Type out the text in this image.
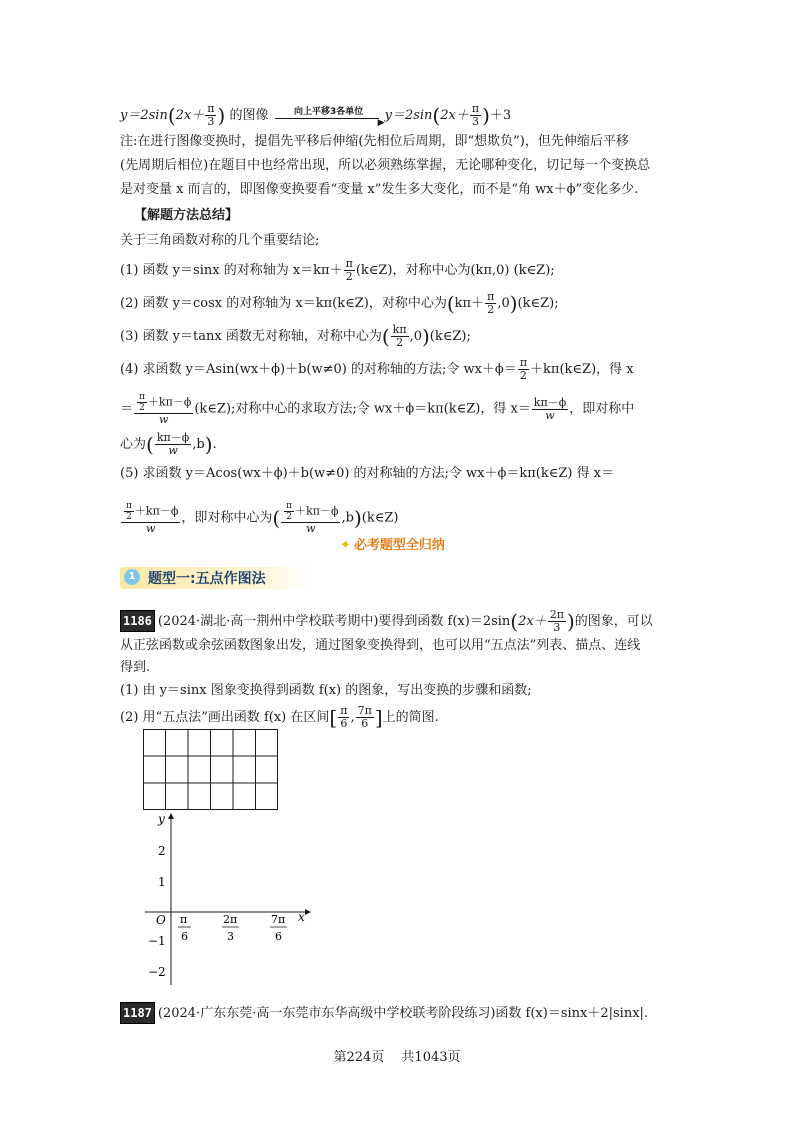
$y=2\sin(2x+ \frac{\pi}{3}$ ) 的图像	向上平移3各单位
▶ $y=2\sin(2x+ \frac{\pi}{3} )+3$
注:在进行图像变换时，提倡先平移后伸缩(先相位后周期，即“想欺负”)，但先伸缩后平移
(先周期后相位)在题目中也经常出现，所以必须熟练掌握，无论哪种变化，切记每一个变换总
是对变量 x 而言的，即图像变换要看“变量 x”发生多大变化，而不是“角 wx＋ϕ”变化多少.
【解题方法总结】
关于三角函数对称的几个重要结论;
(1) 函数 y＝sinx 的对称轴为 $x=k\pi+ \frac{\pi}{2}$ (k∈Z)，对称中心为(kπ,0) (k∈Z);
(2) 函数 y＝cosx 的对称轴为 x＝kπ(k∈Z)，对称中心为($k\pi+ \frac{\pi}{2}$ ,0)(k∈Z);
(3) 函数 y＝tanx 函数无对称轴，对称中心为( $\frac{k\pi}{2}$ ,0)(k∈Z);
(4) 求函数 y＝Asin(wx＋ϕ)＋b(w≠0) 的对称轴的方法;令 $wx+\phi= \frac{\pi}{2}$ ＋kπ(k∈Z)，得 x
＝ $\frac{\frac{\pi}{2} +k\pi-\phi}{w}$ (k∈Z);对称中心的求取方法;令 wx＋ϕ＝kπ(k∈Z)，得 $x= \frac{k\pi-\phi}{w}$ ，即对称中
心为( $\frac{k\pi-\phi}{w} ,b$).
(5) 求函数 y＝Acos(wx＋ϕ)＋b(w≠0) 的对称轴的方法;令 wx＋ϕ＝kπ(k∈Z) 得 x＝
$\frac{\frac{\pi}{2} +k\pi-\phi}{w}$ ，即对称中心为( $\frac{\frac{\pi}{2} +k\pi-\phi}{w}$ ,b)(k∈Z)
✦ 必考题型全归纳
1 题型一:五点作图法
1186 (2024·湖北·高一荆州中学校联考期中)要得到函数 $f(x)=2\sin(2x+ \frac{2\pi}{3}$ )的图象，可以
从正弦函数或余弦函数图象出发，通过图象变换得到，也可以用“五点法”列表、描点、连线
得到.
(1) 由 y＝sinx 图象变换得到函数 f(x) 的图象，写出变换的步骤和函数;
(2) 用“五点法”画出函数 f(x) 在区间[ $\frac{\pi}{6}$ , $\frac{7\pi}{6}$ ]上的简图.
y
x
O
2
1
−1
−2
π
6
2π
3
7π
6
1187 (2024·广东东莞·高一东莞市东华高级中学校联考阶段练习)函数 f(x)＝sinx＋2|sinx|.
第224页　 共1043页
